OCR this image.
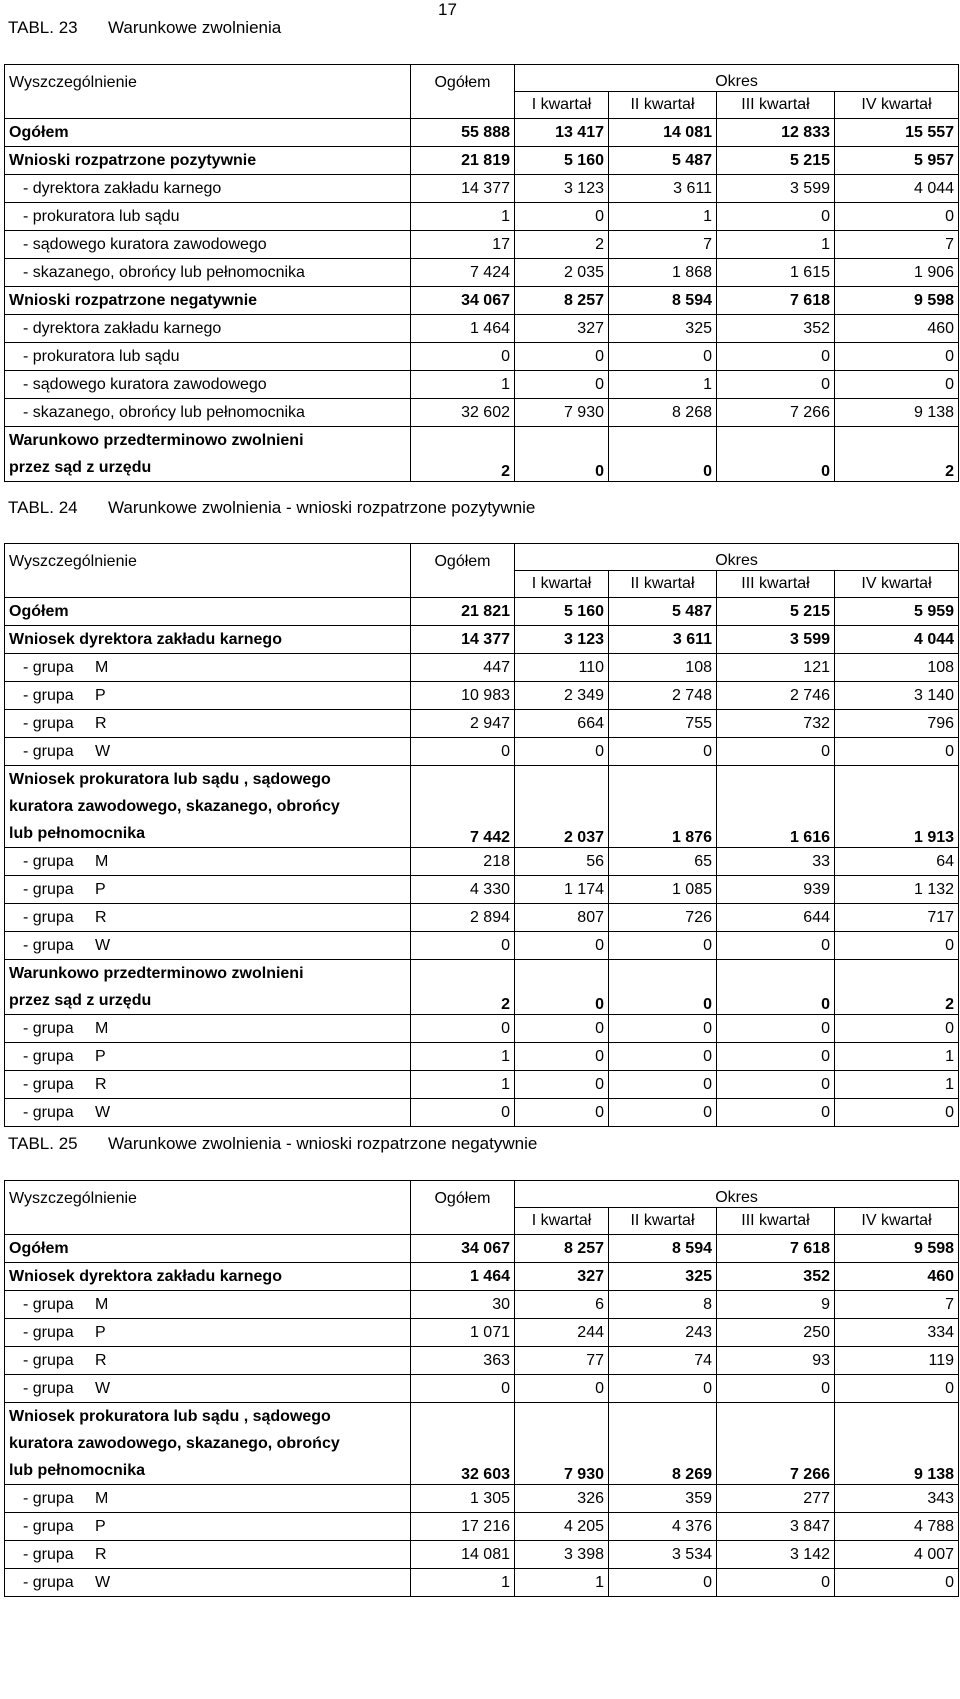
17
TABL. 23 Warunkowe zwolnienia
Wyszczególnienie	Ogółem	Okres			
		I kwartał	II kwartał	III kwartał	IV kwartał

Ogółem	55 888	13 417	14 081	12 833	15 557

Wnioski rozpatrzone pozytywnie	21 819	5 160	5 487	5 215	5 957

- dyrektora zakładu karnego	14 377	3 123	3 611	3 599	4 044

- prokuratora lub sądu	1	0	1	0	0

- sądowego kuratora zawodowego	17	2	7	1	7

- skazanego, obrońcy lub pełnomocnika	7 424	2 035	1 868	1 615	1 906

Wnioski rozpatrzone negatywnie	34 067	8 257	8 594	7 618	9 598

- dyrektora zakładu karnego	1 464	327	325	352	460

- prokuratora lub sądu	0	0	0	0	0

- sądowego kuratora zawodowego	1	0	1	0	0

- skazanego, obrońcy lub pełnomocnika	32 602	7 930	8 268	7 266	9 138

Warunkowo przedterminowo zwolnieni
przez sąd z urzędu	2	0	0	0	2
TABL. 24 Warunkowe zwolnienia - wnioski rozpatrzone pozytywnie
Wyszczególnienie	Ogółem	Okres			
		I kwartał	II kwartał	III kwartał	IV kwartał

Ogółem	21 821	5 160	5 487	5 215	5 959

Wniosek dyrektora zakładu karnego	14 377	3 123	3 611	3 599	4 044
- grupa M	447	110	108	121	108
- grupa P	10 983	2 349	2 748	2 746	3 140
- grupa R	2 947	664	755	732	796
- grupa W	0	0	0	0	0

Wniosek prokuratora lub sądu , sądowego
kuratora zawodowego, skazanego, obrońcy
lub pełnomocnika	7 442	2 037	1 876	1 616	1 913
- grupa M	218	56	65	33	64
- grupa P	4 330	1 174	1 085	939	1 132
- grupa R	2 894	807	726	644	717
- grupa W	0	0	0	0	0

Warunkowo przedterminowo zwolnieni
przez sąd z urzędu	2	0	0	0	2
- grupa M	0	0	0	0	0
- grupa P	1	0	0	0	1
- grupa R	1	0	0	0	1
- grupa W	0	0	0	0	0
TABL. 25 Warunkowe zwolnienia - wnioski rozpatrzone negatywnie
Wyszczególnienie	Ogółem	Okres			
		I kwartał	II kwartał	III kwartał	IV kwartał

Ogółem	34 067	8 257	8 594	7 618	9 598

Wniosek dyrektora zakładu karnego	1 464	327	325	352	460
- grupa M	30	6	8	9	7
- grupa P	1 071	244	243	250	334
- grupa R	363	77	74	93	119
- grupa W	0	0	0	0	0

Wniosek prokuratora lub sądu , sądowego
kuratora zawodowego, skazanego, obrońcy
lub pełnomocnika	32 603	7 930	8 269	7 266	9 138
- grupa M	1 305	326	359	277	343
- grupa P	17 216	4 205	4 376	3 847	4 788
- grupa R	14 081	3 398	3 534	3 142	4 007
- grupa W	1	1	0	0	0
